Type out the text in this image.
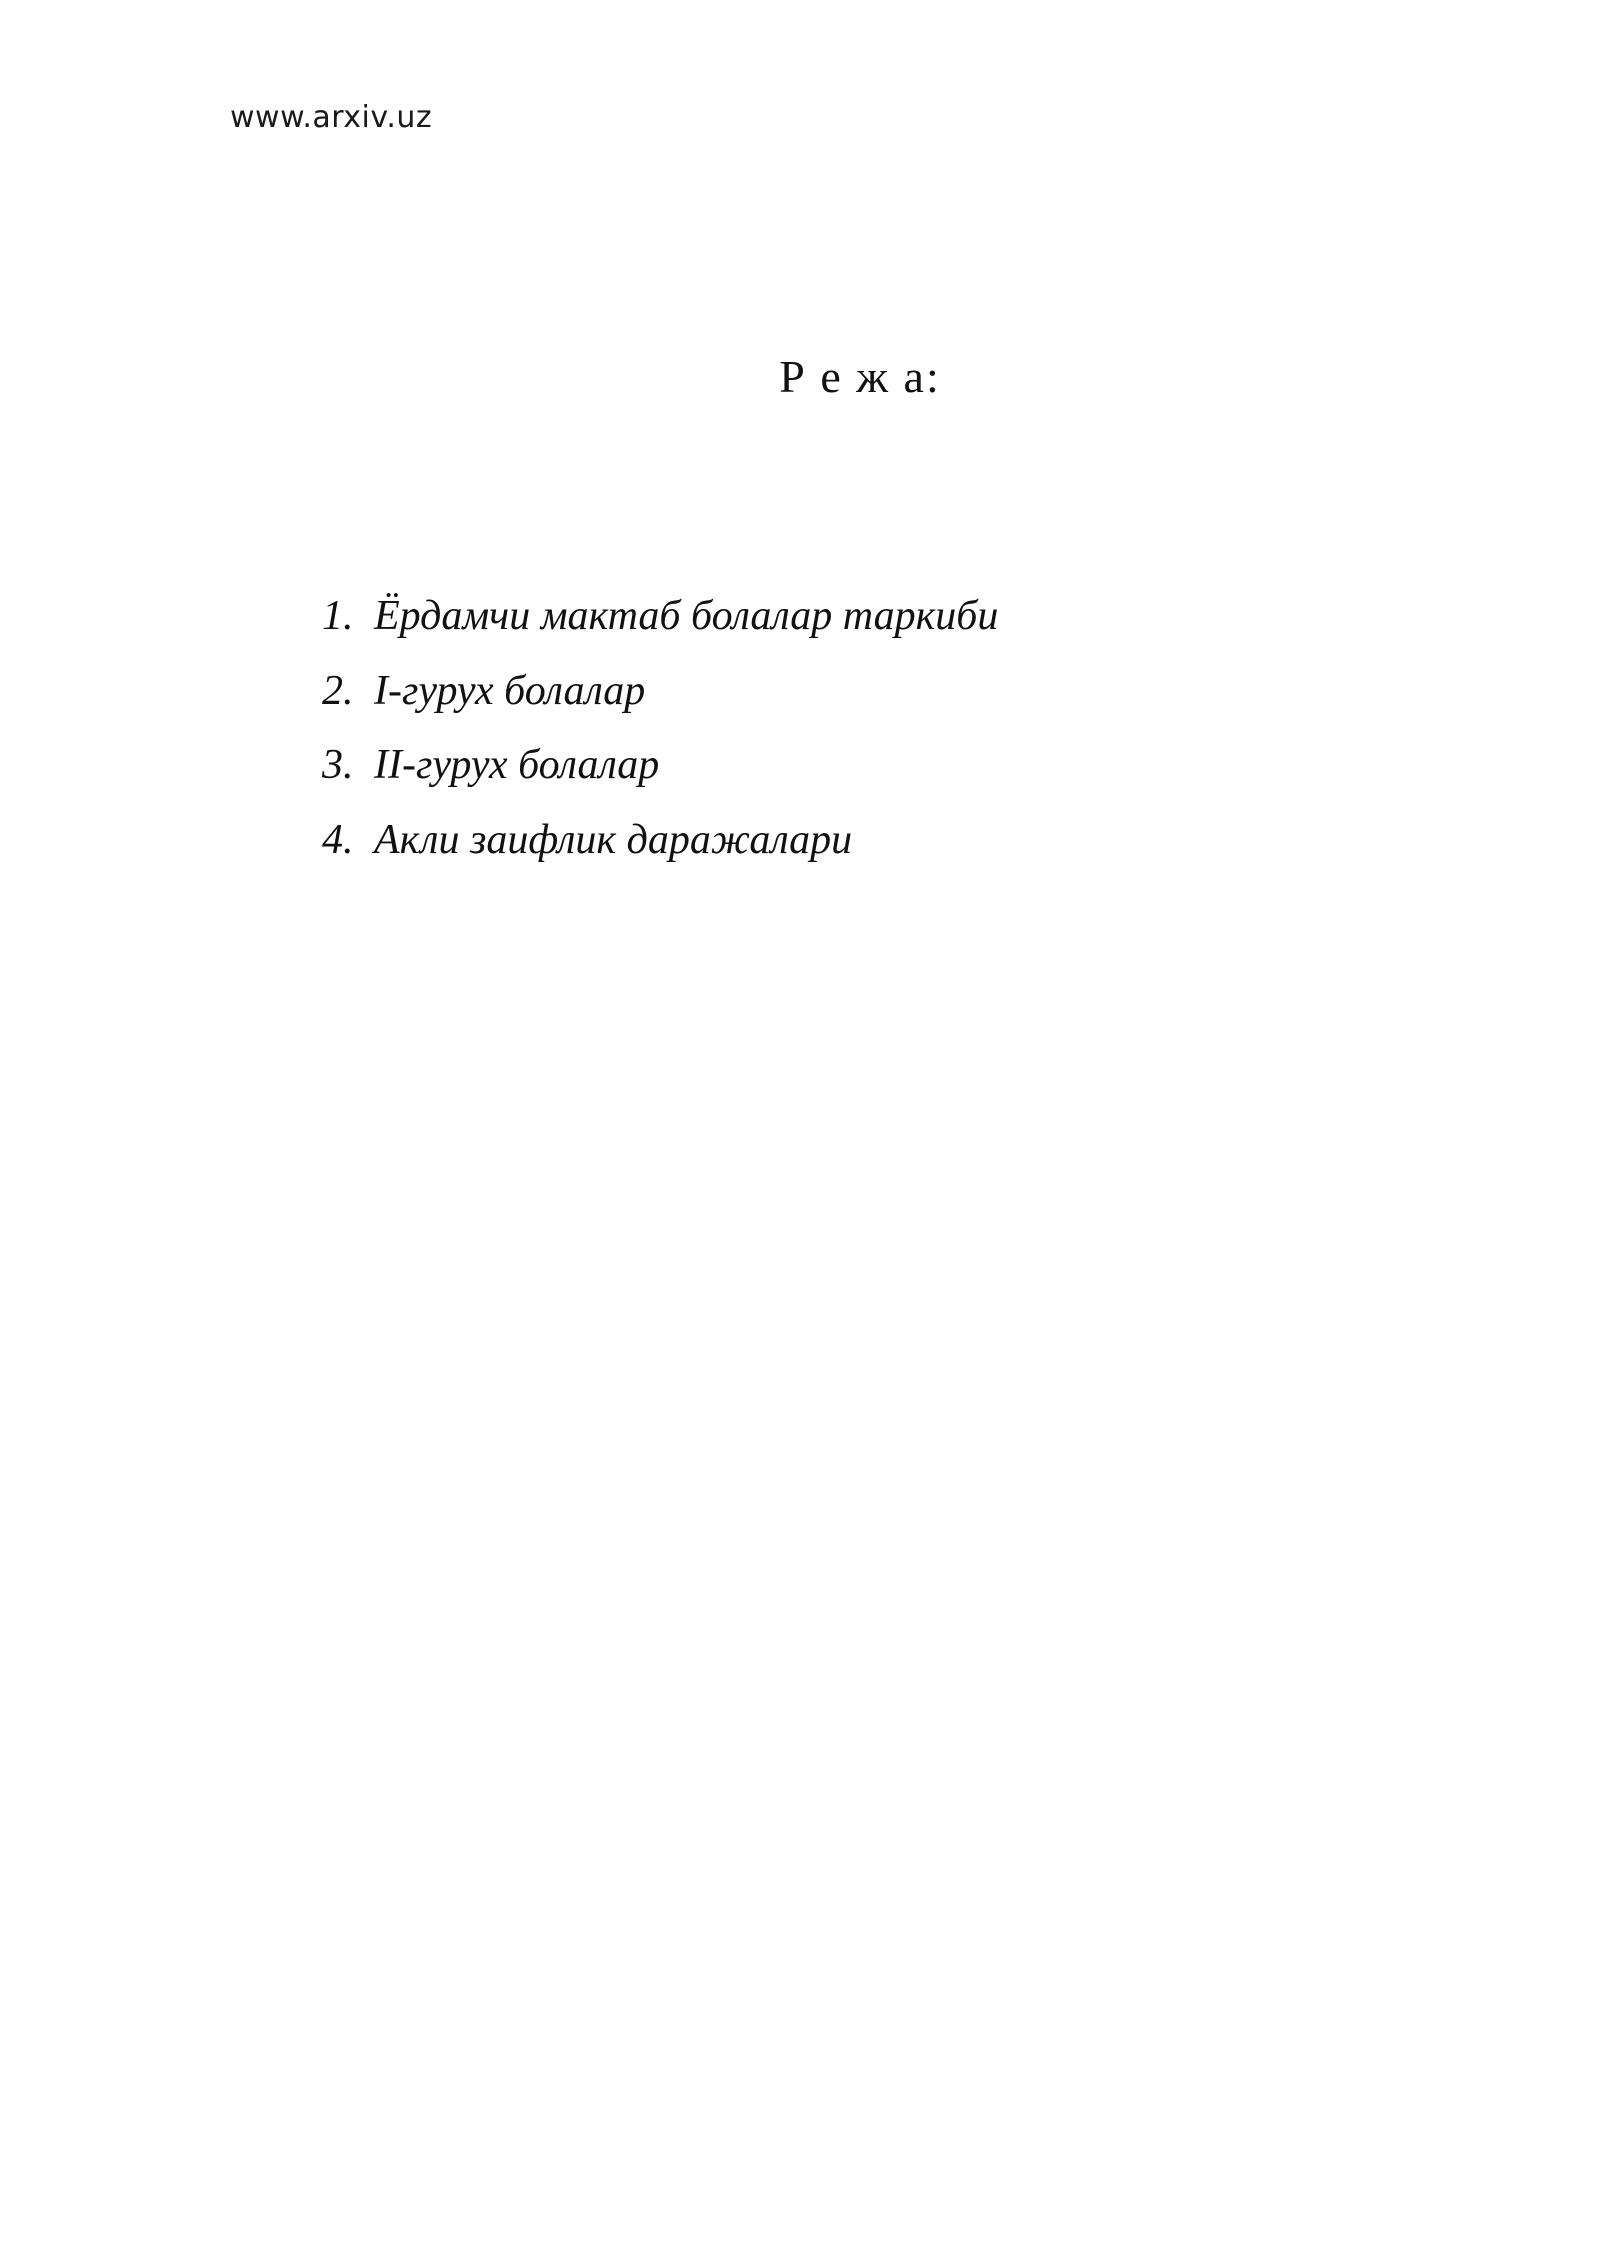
www.arxiv.uz
Р е ж а:
1. Ёрдамчи мактаб болалар таркиби
2. I-гурух болалар
3. II-гурух болалар
4. Акли заифлик даражалари
